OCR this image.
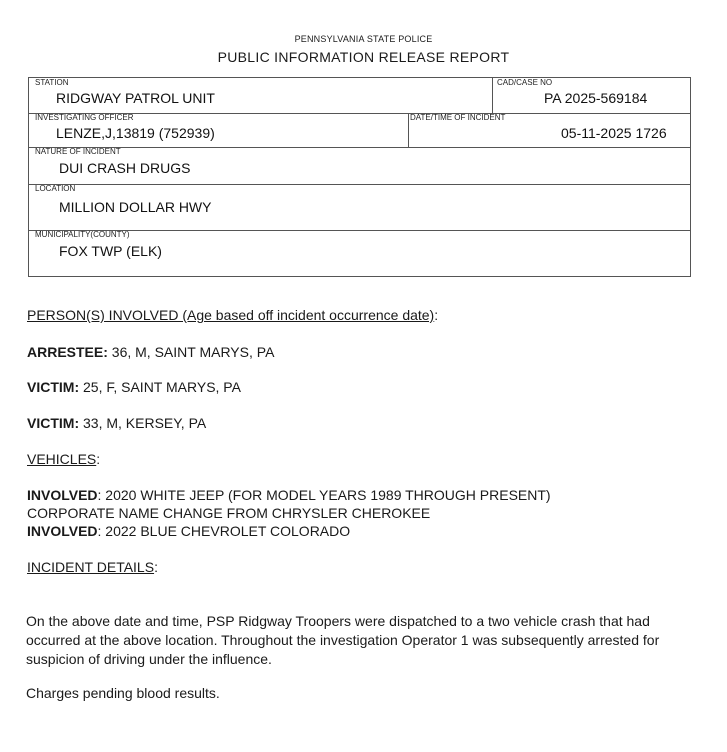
PENNSYLVANIA STATE POLICE
PUBLIC INFORMATION RELEASE REPORT
STATION
RIDGWAY PATROL UNIT
CAD/CASE NO
PA 2025-569184
INVESTIGATING OFFICER
LENZE,J,13819 (752939)
DATE/TIME OF INCIDENT
05-11-2025 1726
NATURE OF INCIDENT
DUI CRASH DRUGS
LOCATION
MILLION DOLLAR HWY
MUNICIPALITY(COUNTY)
FOX TWP (ELK)
PERSON(S) INVOLVED (Age based off incident occurrence date):
ARRESTEE: 36, M, SAINT MARYS, PA
VICTIM: 25, F, SAINT MARYS, PA
VICTIM: 33, M, KERSEY, PA
VEHICLES:
INVOLVED: 2020 WHITE JEEP (FOR MODEL YEARS 1989 THROUGH PRESENT)
CORPORATE NAME CHANGE FROM CHRYSLER CHEROKEE
INVOLVED: 2022 BLUE CHEVROLET COLORADO
INCIDENT DETAILS:
On the above date and time, PSP Ridgway Troopers were dispatched to a two vehicle crash that had occurred at the above location. Throughout the investigation Operator 1 was subsequently arrested for suspicion of driving under the influence.
Charges pending blood results.
